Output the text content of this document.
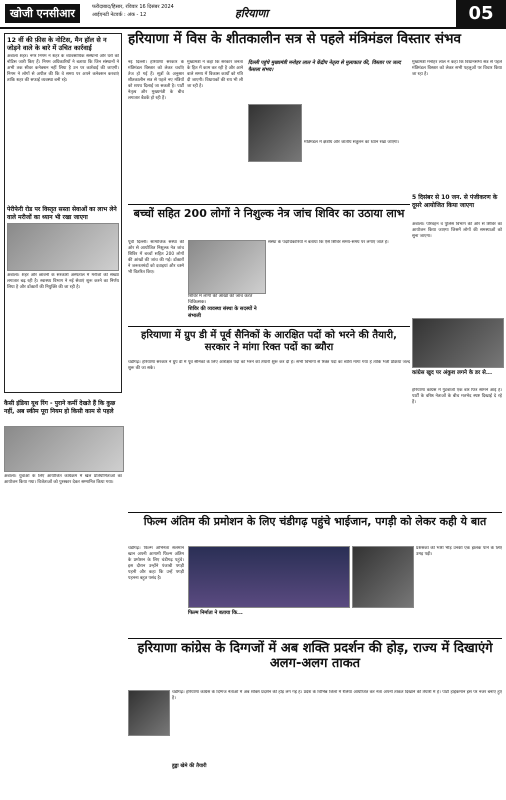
खोजी एनसीआर	फरीदाबाद/हिसार, रविवार 16 दिसंबर 2024
आईएनटी नेटवर्क : अंक - 12	हरियाणा	05
हरियाणा में विस के शीतकालीन सत्र से पहले मंत्रिमंडल विस्तार संभव
12 वीं की फ़ीस के नोटिस, मैन हॉल से न जोड़ने वाले के बारे में उचित कार्रवाई
अंबाला शहर। नगर निगम ने शहर के व्यावसायिक संस्थानों और घरों को नोटिस जारी किए हैं। निगम अधिकारियों ने बताया कि जिन संस्थानों ने अभी तक सीवर कनेक्शन नहीं लिया है उन पर कार्रवाई की जाएगी। निगम ने लोगों से अपील की कि वे समय पर अपने कनेक्शन करवाएं ताकि शहर की सफाई व्यवस्था बनी रहे।
पेरीफेरी रोड पर विस्तृत सस्ता सेवाओं का लाभ लेने वाले मरीजों का ध्यान भी रखा जाएगा
अंबाला। शहर और छावनी के सरकारी अस्पताल में मरीजों की संख्या लगातार बढ़ रही है। स्वास्थ्य विभाग ने नई सेवाएं शुरू करने का निर्णय लिया है और डॉक्टरों की नियुक्ति की जा रही है।
नई दिल्ली। हरियाणा सरकार के मंत्रिमंडल विस्तार को लेकर चर्चाएं तेज हो गई हैं। सूत्रों के अनुसार शीतकालीन सत्र से पहले नए मंत्रियों को शपथ दिलाई जा सकती है। पार्टी नेतृत्व और मुख्यमंत्री के बीच लगातार बैठकें हो रही हैं।
मुख्यमंत्री ने कहा कि सरकार जनता के हित में काम कर रही है और आने वाले समय में विकास कार्यों को गति दी जाएगी। विधायकों की राय भी ली जा रही है।
दिल्ली पहुंचे मुख्यमंत्री मनोहर लाल ने केंद्रीय नेतृत्व से मुलाकात की, विस्तार पर जल्द फैसला संभव।
मंत्रिमंडल में क्षेत्रीय और जातीय संतुलन का ध्यान रखा जाएगा।
मुख्यमंत्री मनोहर लाल ने कहा कि विधानसभा सत्र से पहले मंत्रिमंडल विस्तार को लेकर सभी पहलुओं पर विचार किया जा रहा है।
5 दिसंबर से 10 जन. से पंजीकरण के दूसरे आयोजित किया जाएगा
अंबाला। परिवहन व पुलिस विभाग की ओर से शिविर का आयोजन किया जाएगा जिसमें लोगों की समस्याओं को सुना जाएगा।
बच्चों सहित 200 लोगों ने निशुल्क नेत्र जांच शिविर का उठाया लाभ
पूर्वी दिल्ली। सामाजिक संस्था की ओर से आयोजित निशुल्क नेत्र जांच शिविर में बच्चों सहित 200 लोगों की आंखों की जांच की गई। डॉक्टरों ने जरूरतमंदों को दवाइयां और चश्मे भी वितरित किए।
शिविर में लोगों की आंखों की जांच करते चिकित्सक।
शिविर की व्यवस्था संस्था के सदस्यों ने संभाली
संस्था के पदाधिकारियों ने बताया कि ऐसे शिविर समय-समय पर लगाए जाते हैं।
हरियाणा में ग्रुप डी में पूर्व सैनिकों के आरक्षित पदों को भरने की तैयारी, सरकार ने मांगा रिक्त पदों का ब्यौरा
चंडीगढ़। हरियाणा सरकार ने ग्रुप डी में पूर्व सैनिकों के लिए आरक्षित पदों को भरने की तैयारी शुरू कर दी है। सभी विभागों से रिक्त पदों का ब्यौरा मांगा गया है ताकि भर्ती प्रक्रिया जल्द शुरू की जा सके।
कांग्रेस खुद पर अंकुश लगने के डर से...
हरियाणा कांग्रेस में गुटबाजी एक बार फिर सामने आई है। पार्टी के वरिष्ठ नेताओं के बीच मतभेद स्पष्ट दिखाई दे रहे हैं।
कैसी इंडिया यूथ रिंग - पुराने कर्मी देखते हैं कि कुछ नहीं, अब स्कीम पूरा नियम हो किसी काम से पहले
अंबाला। युवाओं के लिए आयोजित कार्यक्रम में खेल प्रतियोगिताओं का आयोजन किया गया। विजेताओं को पुरस्कार देकर सम्मानित किया गया।
फिल्म अंतिम की प्रमोशन के लिए चंडीगढ़ पहुंचे भाईजान, पगड़ी को लेकर कही ये बात
चंडीगढ़। फिल्म अभिनेता सलमान खान अपनी आगामी फिल्म अंतिम के प्रमोशन के लिए चंडीगढ़ पहुंचे। इस दौरान उन्होंने पंजाबी पगड़ी पहनी और कहा कि उन्हें पगड़ी पहनना बहुत पसंद है।
फिल्म निर्माता ने बताया कि...
प्रशंसकों की भारी भीड़ उनकी एक झलक पाने के लिए उमड़ पड़ी।
हरियाणा कांग्रेस के दिग्गजों में अब शक्ति प्रदर्शन की होड़, राज्य में दिखाएंगे अलग-अलग ताकत
चंडीगढ़। हरियाणा कांग्रेस के दिग्गज नेताओं में अब शक्ति प्रदर्शन की होड़ लग गई है। प्रदेश के विभिन्न जिलों में रैलियां आयोजित कर नेता अपनी ताकत दिखाने की तैयारी में हैं। पार्टी हाईकमान इस पर नजर बनाए हुए है।
हुड्डा खेमे की तैयारी
